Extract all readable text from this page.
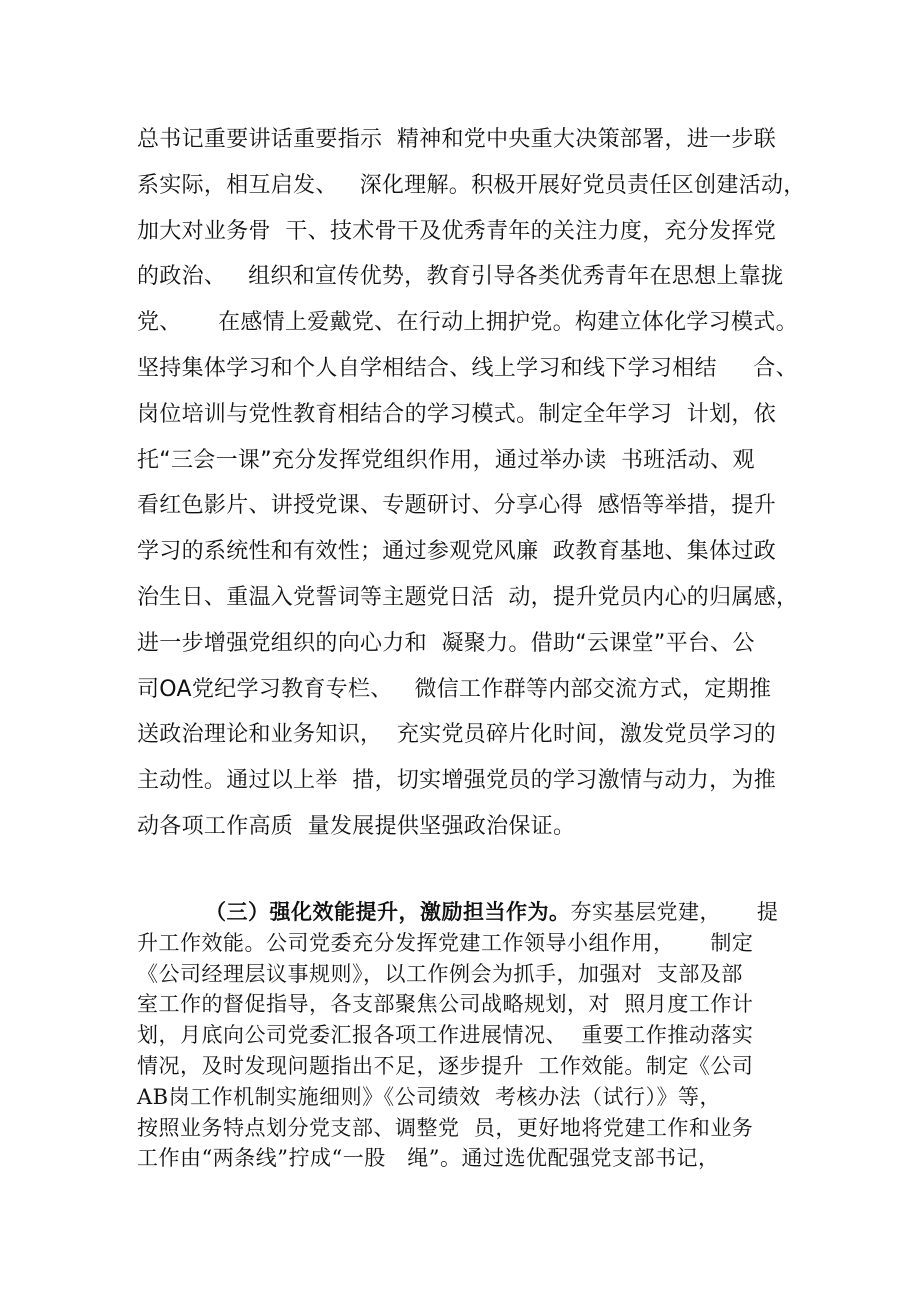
总书记重要讲话重要指示  精神和党中央重大决策部署，进一步联
系实际，相互启发、   深化理解。积极开展好党员责任区创建活动，
加大对业务骨  干、技术骨干及优秀青年的关注力度，充分发挥党
的政治、   组织和宣传优势，教育引导各类优秀青年在思想上靠拢
党、     在感情上爱戴党、在行动上拥护党。构建立体化学习模式。
坚持集体学习和个人自学相结合、线上学习和线下学习相结     合、
岗位培训与党性教育相结合的学习模式。制定全年学习  计划，依
托“三会一课”充分发挥党组织作用，通过举办读  书班活动、观
看红色影片、讲授党课、专题研讨、分享心得  感悟等举措，提升
学习的系统性和有效性；通过参观党风廉  政教育基地、集体过政
治生日、重温入党誓词等主题党日活  动，提升党员内心的归属感，
进一步增强党组织的向心力和  凝聚力。借助“云课堂”平台、公
司OA党纪学习教育专栏、   微信工作群等内部交流方式，定期推
送政治理论和业务知识，  充实党员碎片化时间，激发党员学习的
主动性。通过以上举  措，切实增强党员的学习激情与动力，为推
动各项工作高质  量发展提供坚强政治保证。
（三）强化效能提升，激励担当作为。夯实基层党建，     提
升工作效能。公司党委充分发挥党建工作领导小组作用，     制定
《公司经理层议事规则》，以工作例会为抓手，加强对  支部及部
室工作的督促指导，各支部聚焦公司战略规划，对  照月度工作计
划，月底向公司党委汇报各项工作进展情况、  重要工作推动落实
情况，及时发现问题指出不足，逐步提升  工作效能。制定《公司
AB岗工作机制实施细则》《公司绩效  考核办法（试行）》等，
按照业务特点划分党支部、调整党  员，更好地将党建工作和业务
工作由“两条线”拧成“一股   绳”。通过选优配强党支部书记，
